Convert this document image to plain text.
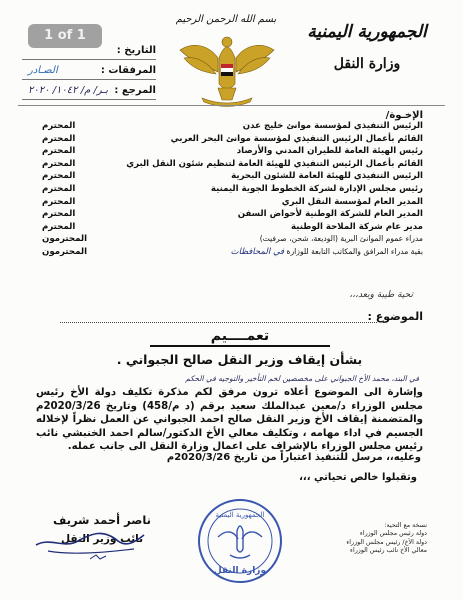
1 of 1	الجمهورية اليمنية
وزارة النقل
بسم الله الرحمن الرحيم
التاريخ :
المرفقات :
الصـادر
المرجع :
بـر/ م/ ١٠٤٢/ ٢٠٢٠
الإخـوة/
الرئيس التنفيذي لمؤسسة موانئ خليج عدن
المحترم
القائم بأعمال الرئيس التنفيذي لمؤسسة موانئ البحر العربي
المحترم
رئيس الهيئة العامة للطيران المدني والأرصاد
المحترم
القائم بأعمال الرئيس التنفيذي للهيئة العامة لتنظيم شئون النقل البري
المحترم
الرئيس التنفيذي للهيئة العامة للشئون البحرية
المحترم
رئيس مجلس الإدارة لشركة الخطوط الجوية اليمنية
المحترم
المدير العام لمؤسسة النقل البري
المحترم
المدير العام للشركة الوطنية لأحواض السفن
المحترم
مدير عام شركة الملاحة الوطنية
المحترم
مدراء عموم الموانئ البرية (الوديعة، شحن، صرفيت)
المحترمون
بقية مدراء المرافق والمكاتب التابعة للوزارة في المحافظات
المحترمون
تحية طيبة وبعد،،،
الموضوع :
تعمــــيم
بشأن إيقاف وزير النقل صالح الجبواني .
في البند، محمد الأخ الجبواني على مخصصين لخم التأخير والتوجيه في الحكم
وإشارة الى الموضوع أعلاه ترون مرفق لكم مذكرة تكليف دولة الأخ رئيس مجلس الوزراء د/معين عبدالملك سعيد برقم (د م/458) وتاريخ 2020/3/26م والمتضمنة إيقاف الأخ وزير النقل صالح احمد الجبواني عن العمل نظراً لإخلاله الجسيم في اداء مهامه ، وتكليف معالي الأخ الدكتور/سالم احمد الخنبشي نائب رئيس مجلس الوزراء بالإشراف على اعمال وزارة النقل الى جانب عمله.
وعليه،، مرسل للتنفيذ اعتباراً من تاريخ 2020/3/26م
وتقبلوا خالص تحياتي ،،،
ناصر أحمد شريف
نائب وزير النقل
الجمهورية اليمنية
وزارة النقل
نسخة مع التحية:
دولة رئيس مجلس الوزراء
دولة الأخ/ رئيس مجلس الوزراء
معالي الأخ نائب رئيس الوزراء
